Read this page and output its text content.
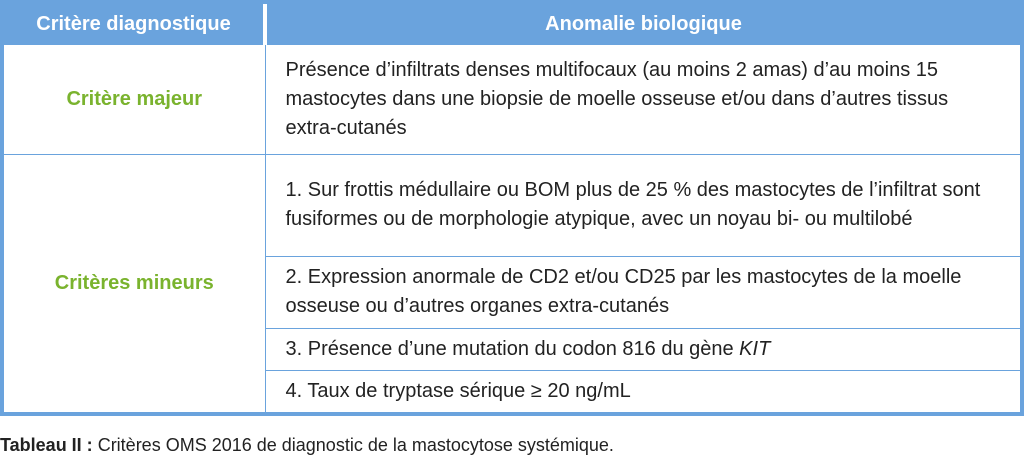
Critère diagnostique	Anomalie biologique
Critère majeur	Présence d’infiltrats denses multifocaux (au moins 2 amas) d’au moins 15 mastocytes dans une biopsie de moelle osseuse et/ou dans d’autres tissus extra-cutanés
Critères mineurs	1. Sur frottis médullaire ou BOM plus de 25 % des mastocytes de l’infiltrat sont fusiformes ou de morphologie atypique, avec un noyau bi- ou multilobé
	2. Expression anormale de CD2 et/ou CD25 par les mastocytes de la moelle osseuse ou d’autres organes extra-cutanés
	3. Présence d’une mutation du codon 816 du gène KIT
	4. Taux de tryptase sérique ≥ 20 ng/mL
Tableau II : Critères OMS 2016 de diagnostic de la mastocytose systémique.
